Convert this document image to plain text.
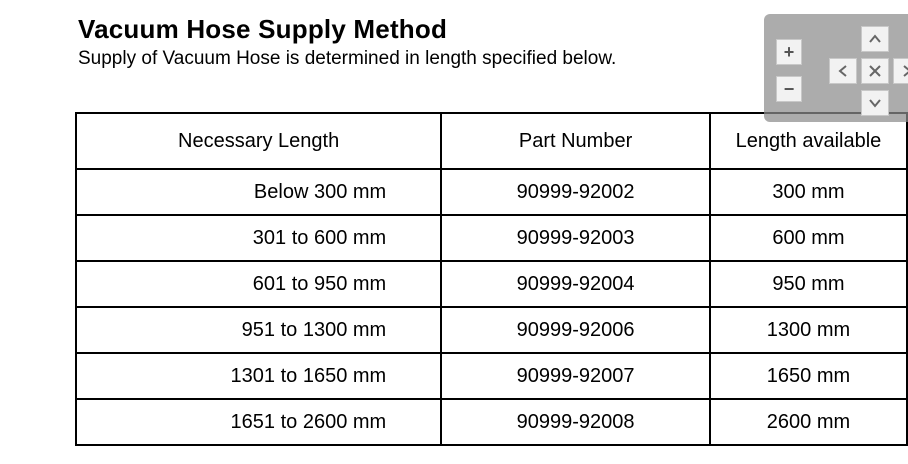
Vacuum Hose Supply Method
Supply of Vacuum Hose is determined in length specified below.
Necessary Length	Part Number	Length available
Below 300 mm	90999-92002	300 mm
301 to 600 mm	90999-92003	600 mm
601 to 950 mm	90999-92004	950 mm
951 to 1300 mm	90999-92006	1300 mm
1301 to 1650 mm	90999-92007	1650 mm
1651 to 2600 mm	90999-92008	2600 mm
+
−
